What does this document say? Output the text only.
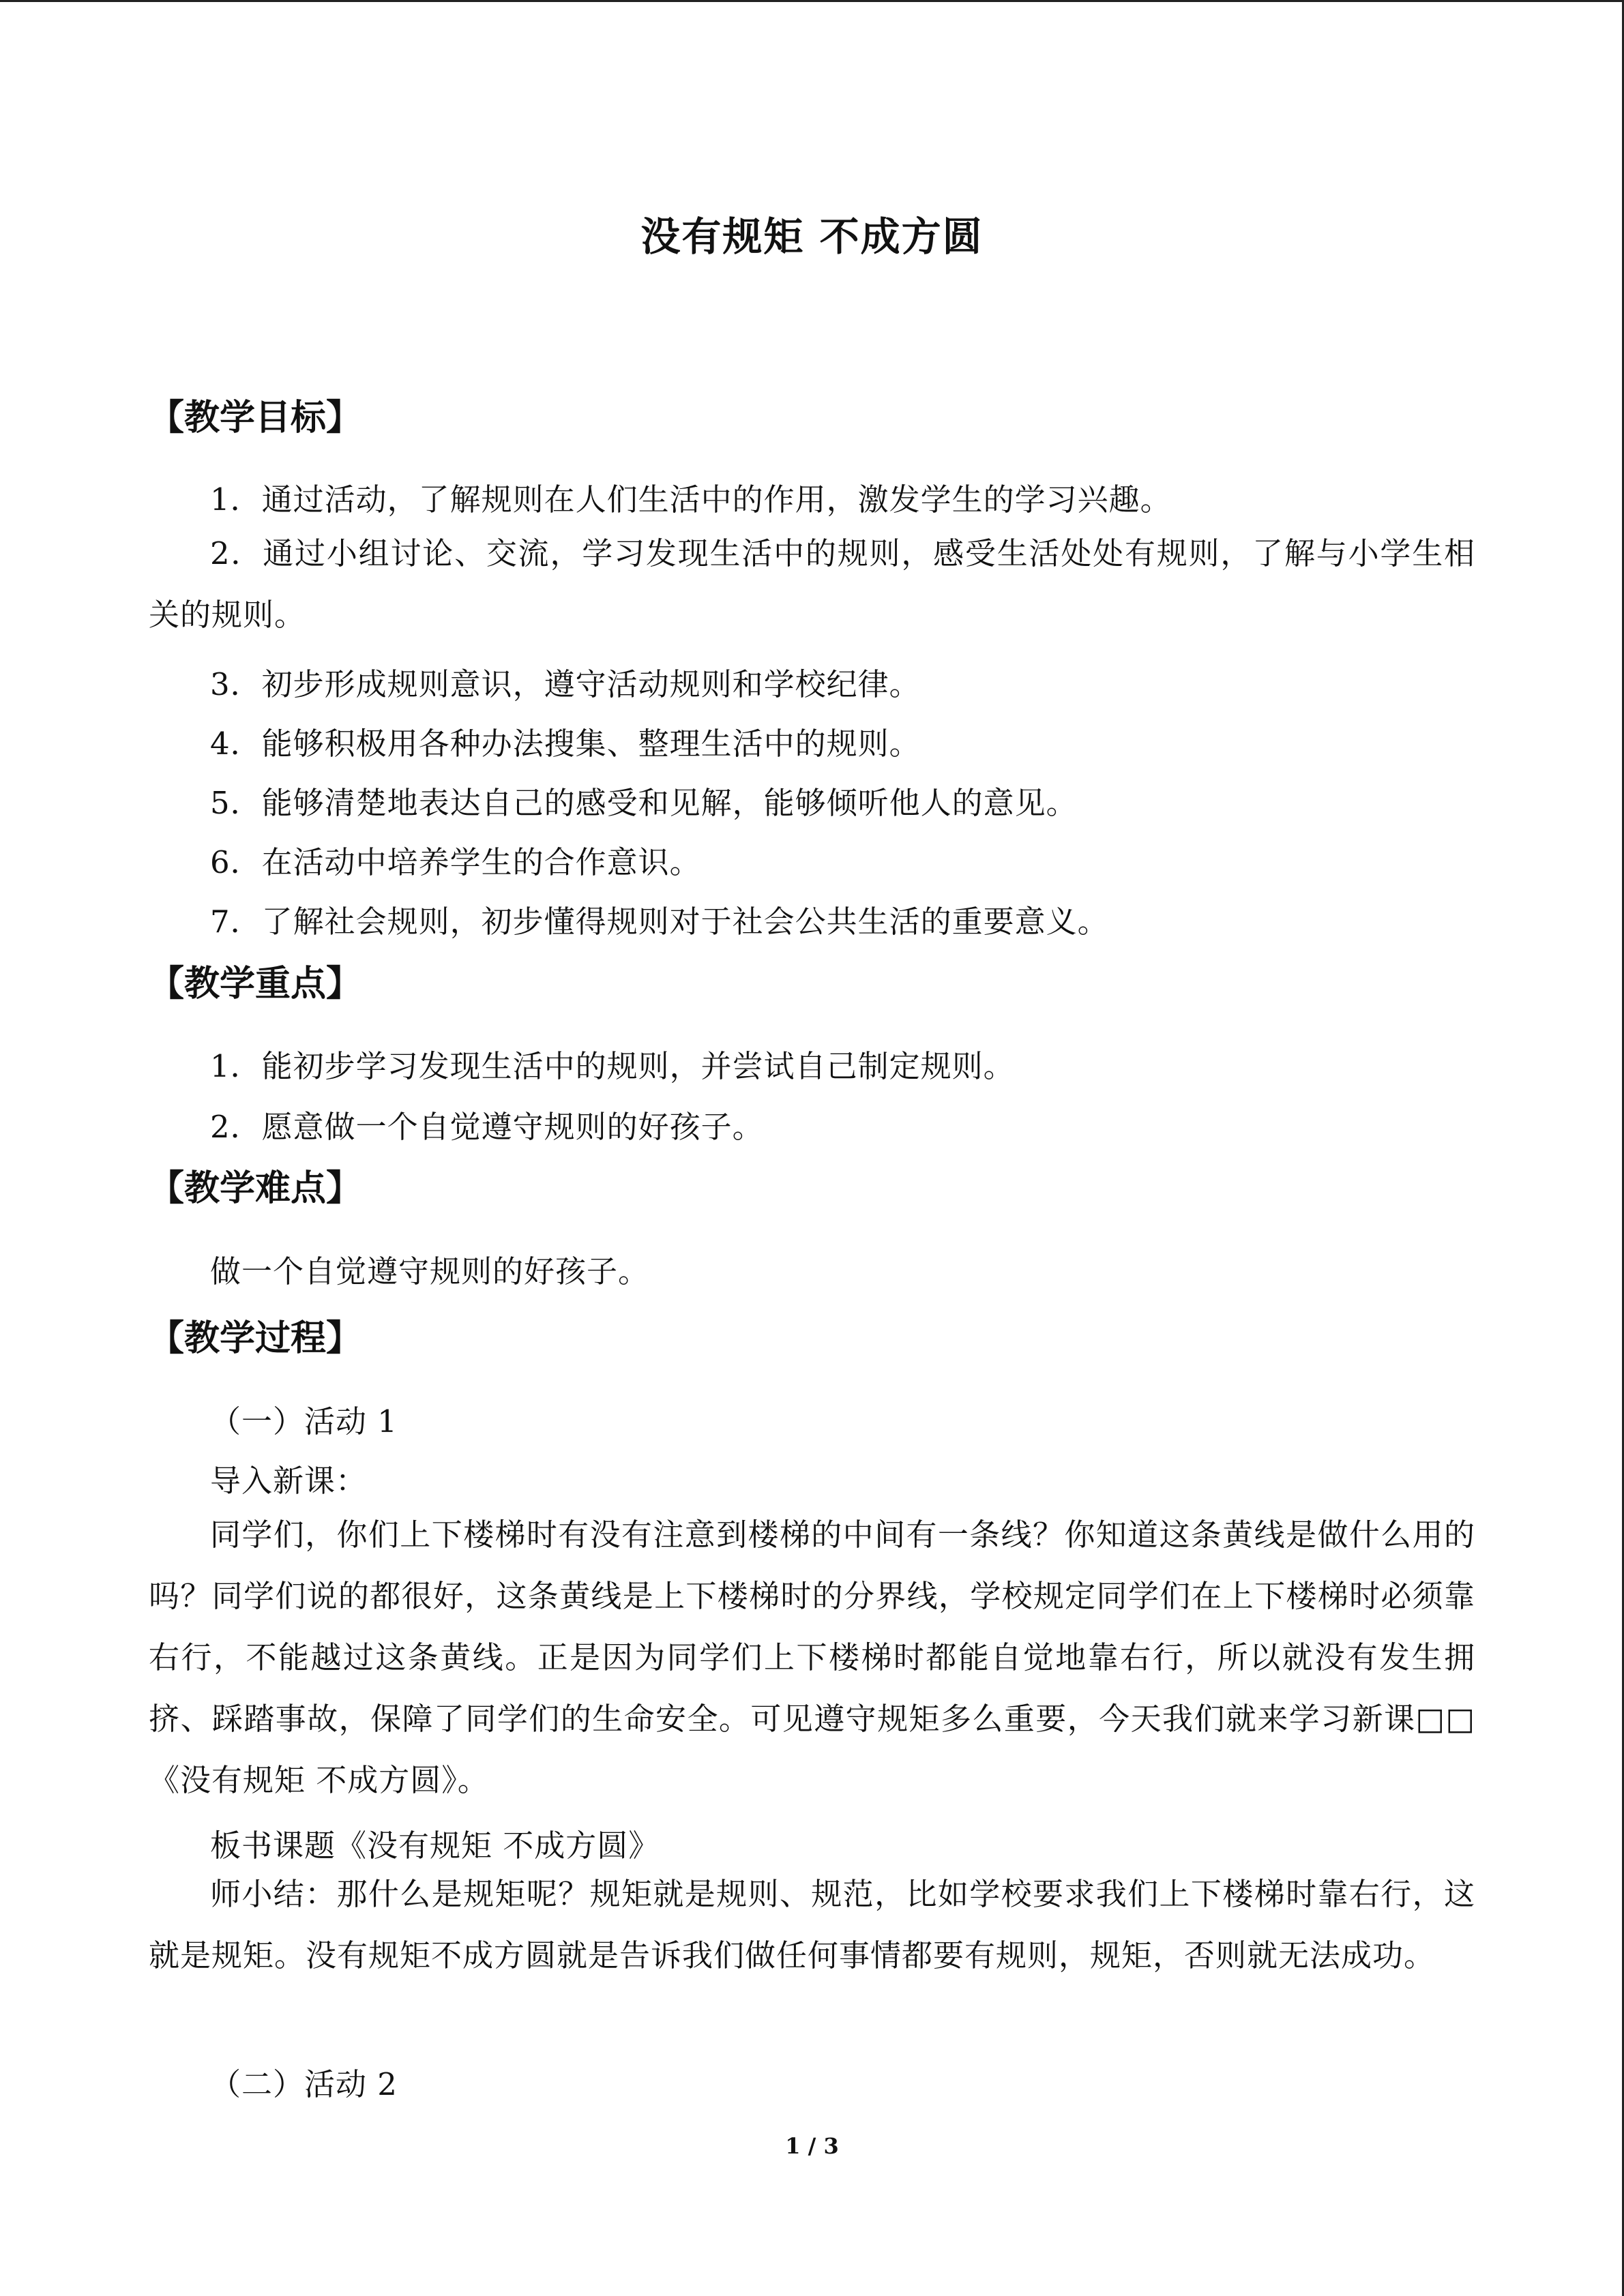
没有规矩 不成方圆
【教学目标】
1．通过活动，了解规则在人们生活中的作用，激发学生的学习兴趣。
2．通过小组讨论、交流，学习发现生活中的规则，感受生活处处有规则，了解与小学生相关的规则。
3．初步形成规则意识，遵守活动规则和学校纪律。
4．能够积极用各种办法搜集、整理生活中的规则。
5．能够清楚地表达自己的感受和见解，能够倾听他人的意见。
6．在活动中培养学生的合作意识。
7．了解社会规则，初步懂得规则对于社会公共生活的重要意义。
【教学重点】
1．能初步学习发现生活中的规则，并尝试自己制定规则。
2．愿意做一个自觉遵守规则的好孩子。
【教学难点】
做一个自觉遵守规则的好孩子。
【教学过程】
（一）活动 1
导入新课：
同学们，你们上下楼梯时有没有注意到楼梯的中间有一条线？你知道这条黄线是做什么用的吗？同学们说的都很好，这条黄线是上下楼梯时的分界线，学校规定同学们在上下楼梯时必须靠右行，不能越过这条黄线。正是因为同学们上下楼梯时都能自觉地靠右行，所以就没有发生拥挤、踩踏事故，保障了同学们的生命安全。可见遵守规矩多么重要，今天我们就来学习新课□□《没有规矩 不成方圆》。
板书课题《没有规矩 不成方圆》
师小结：那什么是规矩呢？规矩就是规则、规范，比如学校要求我们上下楼梯时靠右行，这就是规矩。没有规矩不成方圆就是告诉我们做任何事情都要有规则，规矩，否则就无法成功。
（二）活动 2
1 / 3
